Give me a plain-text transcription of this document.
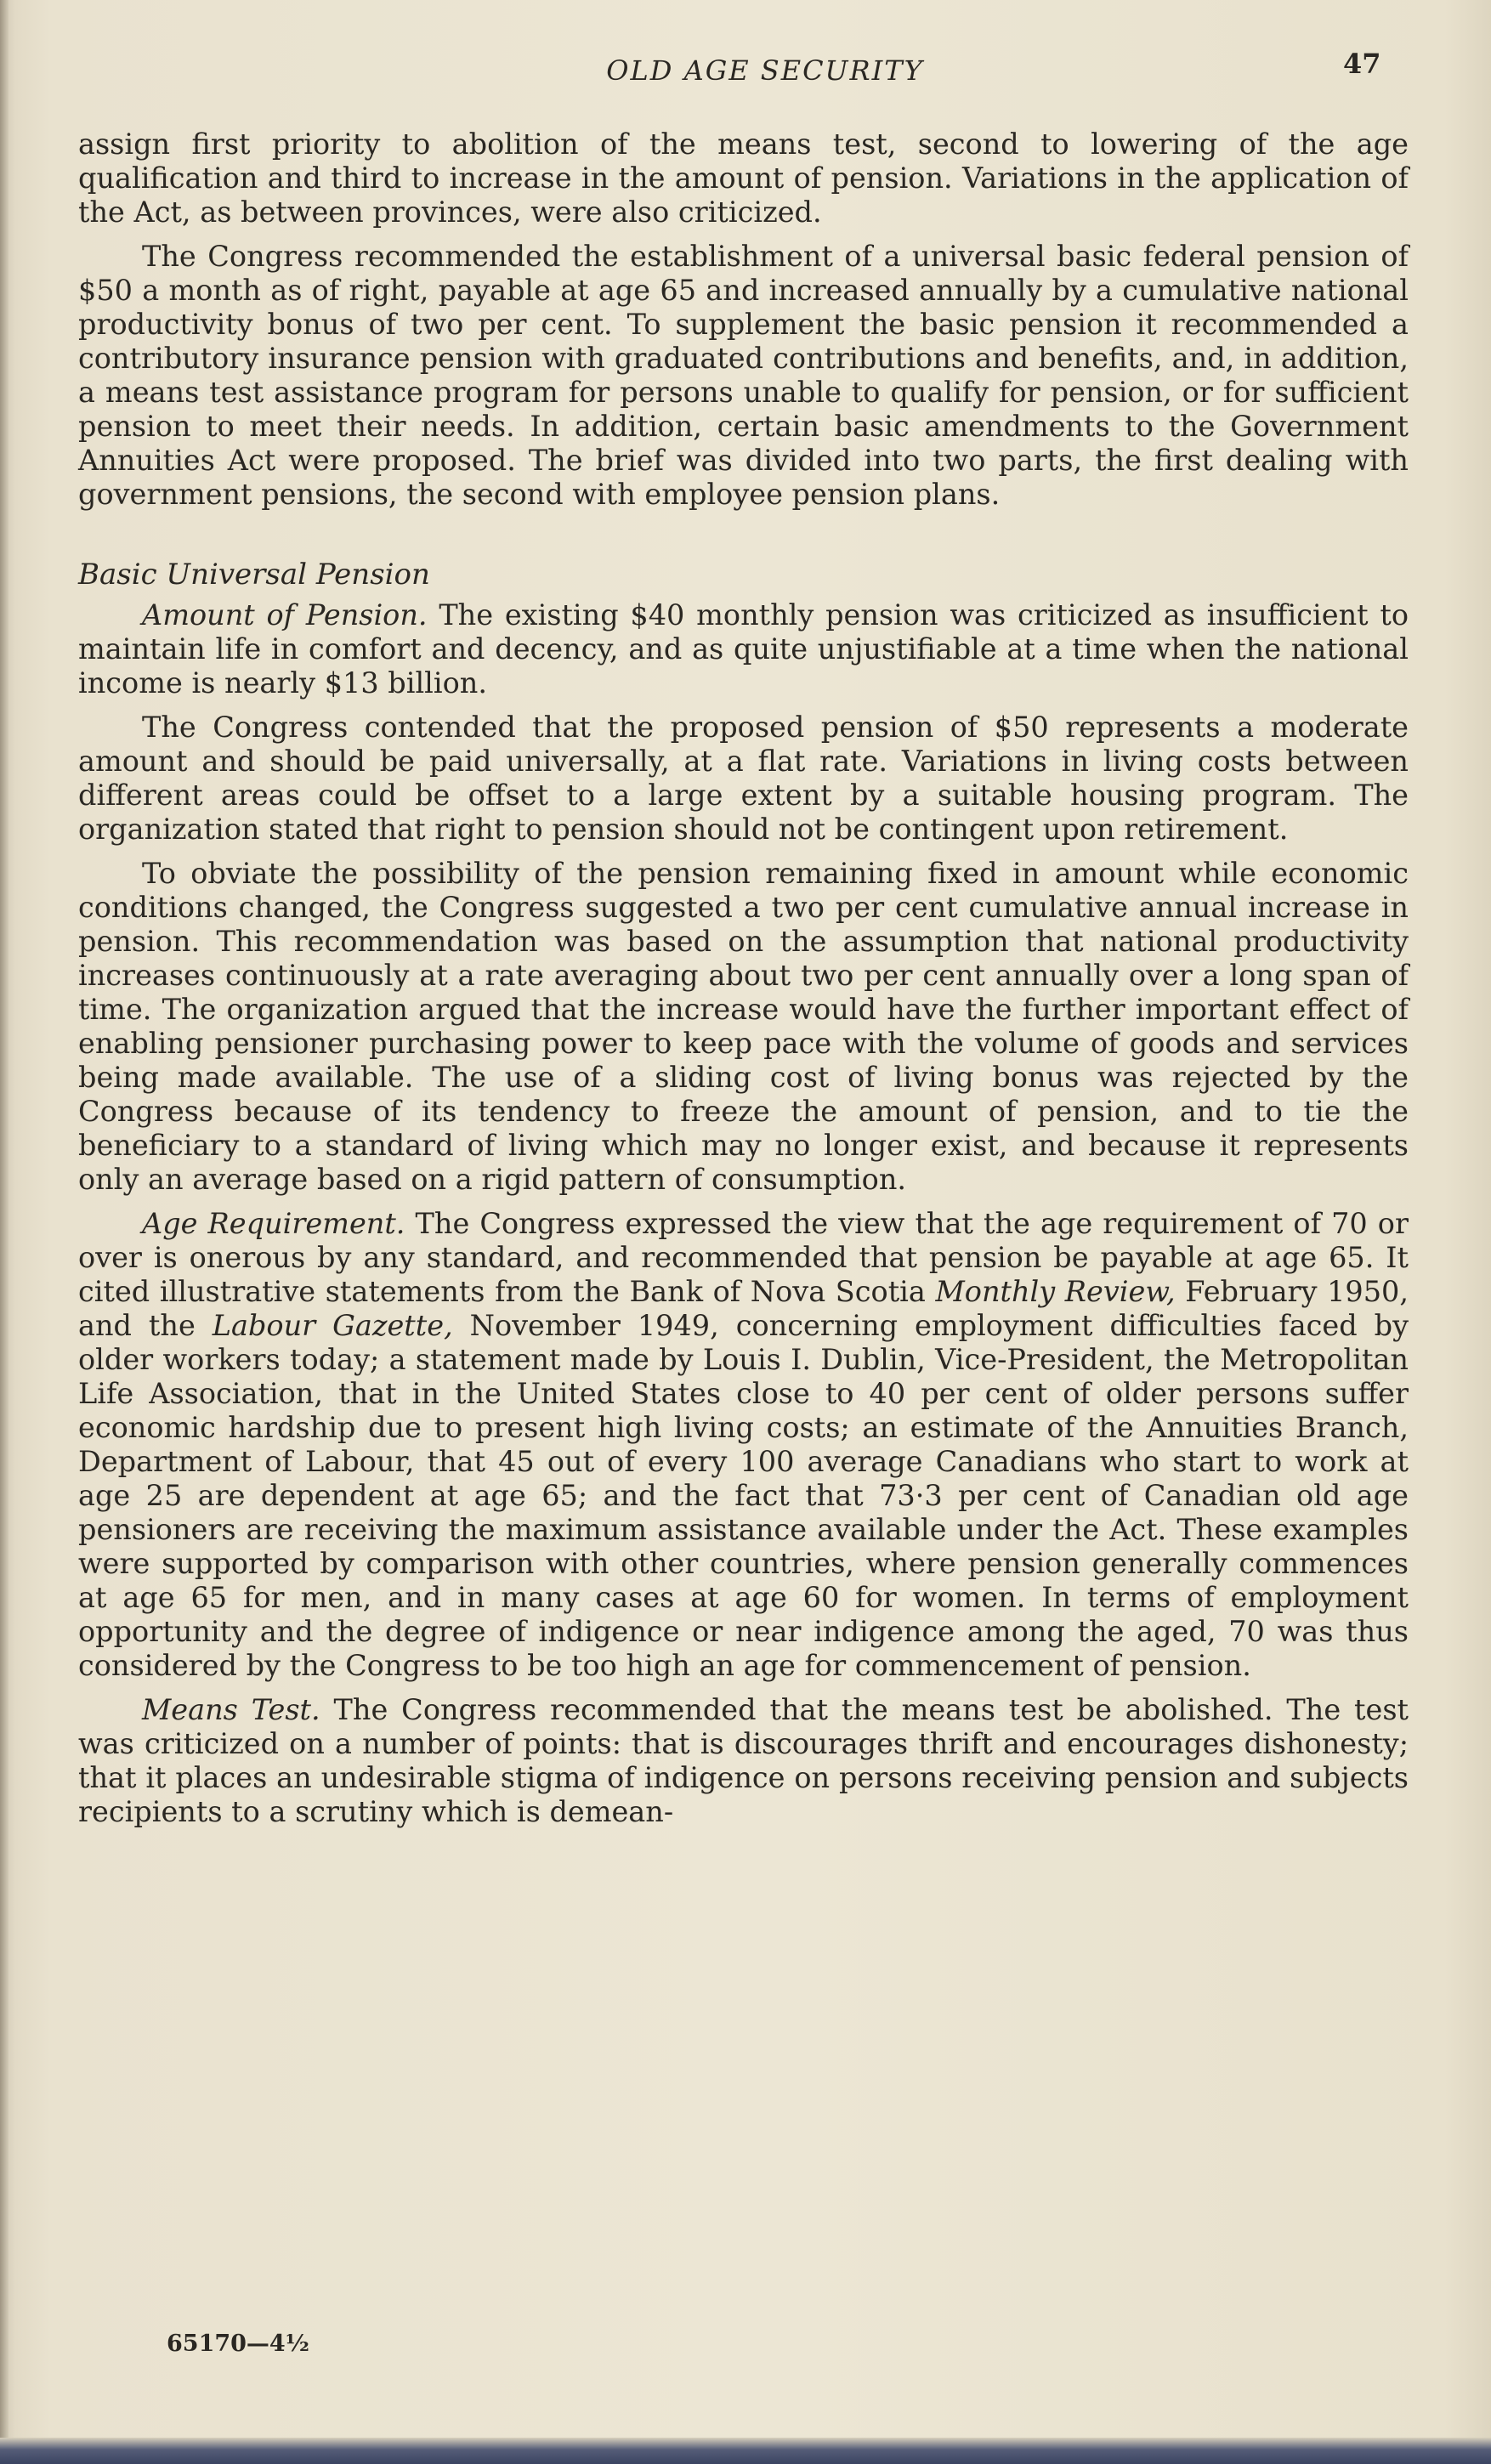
OLD AGE SECURITY	47

assign first priority to abolition of the means test, second to lowering of the age qualification and third to increase in the amount of pension. Variations in the application of the Act, as between provinces, were also criticized.

The Congress recommended the establishment of a universal basic federal pension of $50 a month as of right, payable at age 65 and increased annually by a cumulative national productivity bonus of two per cent. To supplement the basic pension it recommended a contributory insurance pension with graduated contributions and benefits, and, in addition, a means test assistance program for persons unable to qualify for pension, or for sufficient pension to meet their needs. In addition, certain basic amendments to the Government Annuities Act were proposed. The brief was divided into two parts, the first dealing with government pensions, the second with employee pension plans.

Basic Universal Pension

Amount of Pension. The existing $40 monthly pension was criticized as insufficient to maintain life in comfort and decency, and as quite unjustifiable at a time when the national income is nearly $13 billion.

The Congress contended that the proposed pension of $50 represents a moderate amount and should be paid universally, at a flat rate. Variations in living costs between different areas could be offset to a large extent by a suitable housing program. The organization stated that right to pension should not be contingent upon retirement.

To obviate the possibility of the pension remaining fixed in amount while economic conditions changed, the Congress suggested a two per cent cumulative annual increase in pension. This recommendation was based on the assumption that national productivity increases continuously at a rate averaging about two per cent annually over a long span of time. The organization argued that the increase would have the further important effect of enabling pensioner purchasing power to keep pace with the volume of goods and services being made available. The use of a sliding cost of living bonus was rejected by the Congress because of its tendency to freeze the amount of pension, and to tie the beneficiary to a standard of living which may no longer exist, and because it represents only an average based on a rigid pattern of consumption.

Age Requirement. The Congress expressed the view that the age requirement of 70 or over is onerous by any standard, and recommended that pension be payable at age 65. It cited illustrative statements from the Bank of Nova Scotia Monthly Review, February 1950, and the Labour Gazette, November 1949, concerning employment difficulties faced by older workers today; a statement made by Louis I. Dublin, Vice-President, the Metropolitan Life Association, that in the United States close to 40 per cent of older persons suffer economic hardship due to present high living costs; an estimate of the Annuities Branch, Department of Labour, that 45 out of every 100 average Canadians who start to work at age 25 are dependent at age 65; and the fact that 73·3 per cent of Canadian old age pensioners are receiving the maximum assistance available under the Act. These examples were supported by comparison with other countries, where pension generally commences at age 65 for men, and in many cases at age 60 for women. In terms of employment opportunity and the degree of indigence or near indigence among the aged, 70 was thus considered by the Congress to be too high an age for commencement of pension.

Means Test. The Congress recommended that the means test be abolished. The test was criticized on a number of points: that is discourages thrift and encourages dishonesty; that it places an undesirable stigma of indigence on persons receiving pension and subjects recipients to a scrutiny which is demean-

65170—4½
